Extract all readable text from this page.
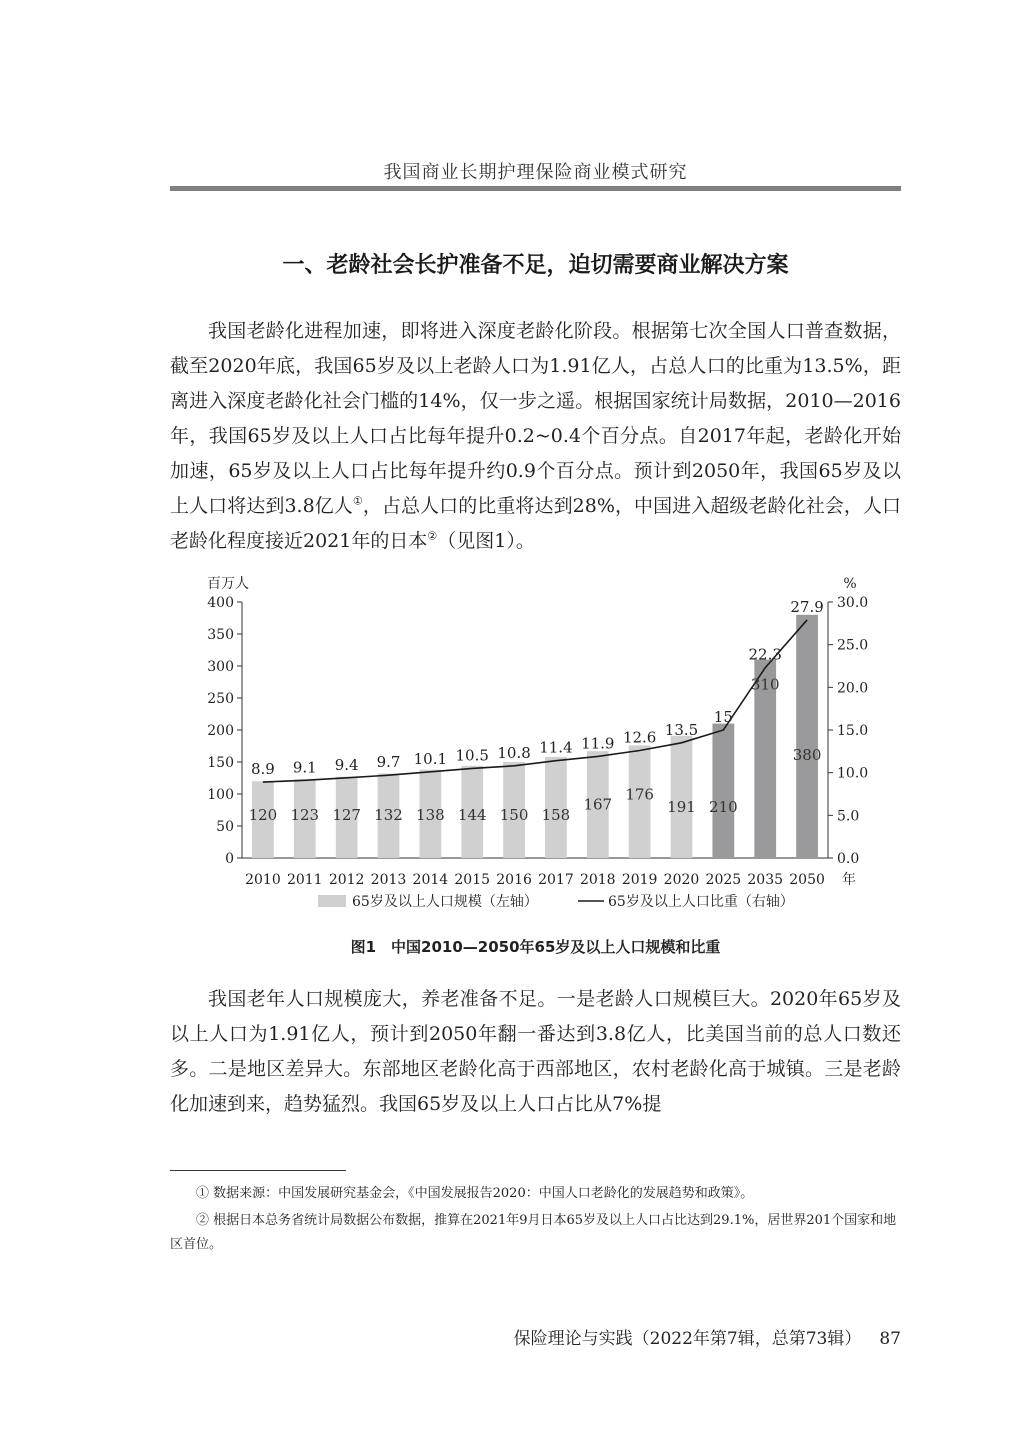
我国商业长期护理保险商业模式研究
一、老龄社会长护准备不足，迫切需要商业解决方案

我国老龄化进程加速，即将进入深度老龄化阶段。根据第七次全国人口普查数据，截至2020年底，我国65岁及以上老龄人口为1.91亿人，占总人口的比重为13.5%，距离进入深度老龄化社会门槛的14%，仅一步之遥。根据国家统计局数据，2010—2016年，我国65岁及以上人口占比每年提升0.2~0.4个百分点。自2017年起，老龄化开始加速，65岁及以上人口占比每年提升约0.9个百分点。预计到2050年，我国65岁及以上人口将达到3.8亿人①，占总人口的比重将达到28%，中国进入超级老龄化社会，人口老龄化程度接近2021年的日本②（见图1）。

0
50
100
150
200
250
300
350
400
0.0
5.0
10.0
15.0
20.0
25.0
30.0
百万人	%
120 123 127 132 138 144 150 158
167
176
191 210
310
380
8.9 9.1 9.4 9.7 10.1 10.5 10.8 11.4 11.9 12.6 13.5
15
22.3
27.9
2010 2011 2012 2013 2014 2015 2016 2017 2018 2019 2020 2025 2035 2050 年
65岁及以上人口规模（左轴）	65岁及以上人口比重（右轴）
图1　中国2010—2050年65岁及以上人口规模和比重

我国老年人口规模庞大，养老准备不足。一是老龄人口规模巨大。2020年65岁及以上人口为1.91亿人，预计到2050年翻一番达到3.8亿人，比美国当前的总人口数还多。二是地区差异大。东部地区老龄化高于西部地区，农村老龄化高于城镇。三是老龄化加速到来，趋势猛烈。我国65岁及以上人口占比从7%提

① 数据来源：中国发展研究基金会，《中国发展报告2020：中国人口老龄化的发展趋势和政策》。

② 根据日本总务省统计局数据公布数据，推算在2021年9月日本65岁及以上人口占比达到29.1%，居世界201个国家和地区首位。

保险理论与实践（2022年第7辑，总第73辑） 87
